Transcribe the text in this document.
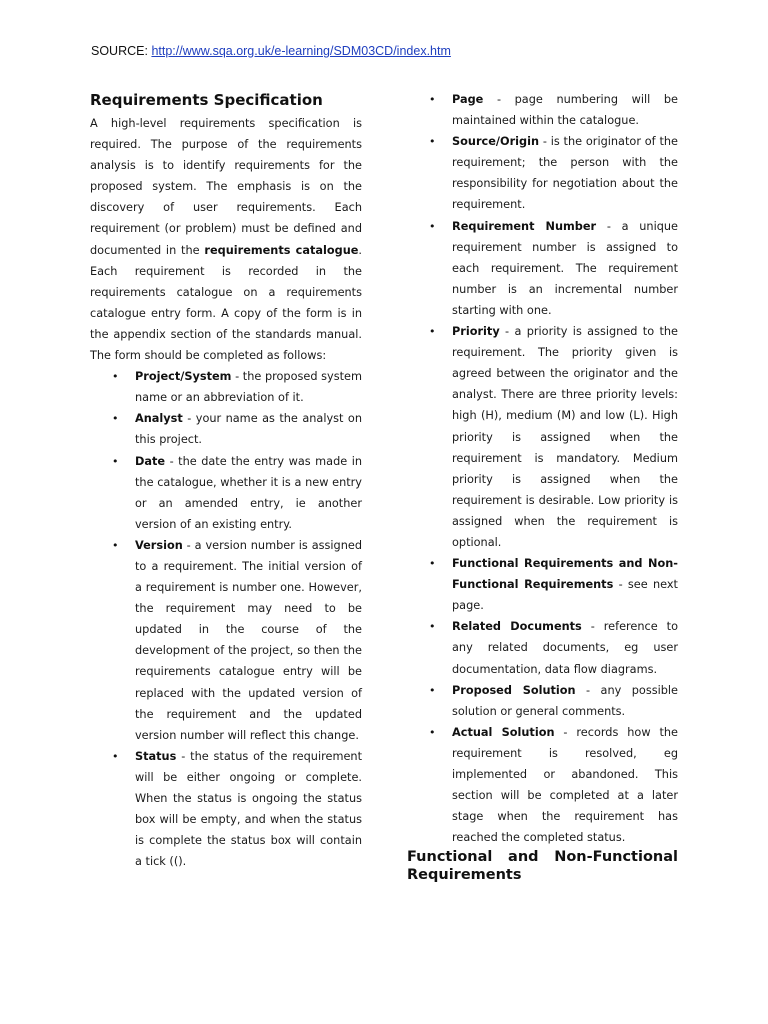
SOURCE: http://www.sqa.org.uk/e-learning/SDM03CD/index.htm
Requirements Specification

A high-level requirements specification is required. The purpose of the requirements analysis is to identify requirements for the proposed system. The emphasis is on the discovery of user requirements. Each requirement (or problem) must be defined and documented in the requirements catalogue. Each requirement is recorded in the requirements catalogue on a requirements catalogue entry form. A copy of the form is in the appendix section of the standards manual. The form should be completed as follows:

• Project/System - the proposed system name or an abbreviation of it.
• Analyst - your name as the analyst on this project.
• Date - the date the entry was made in the catalogue, whether it is a new entry or an amended entry, ie another version of an existing entry.
• Version - a version number is assigned to a requirement. The initial version of a requirement is number one. However, the requirement may need to be updated in the course of the development of the project, so then the requirements catalogue entry will be replaced with the updated version of the requirement and the updated version number will reflect this change.
• Status - the status of the requirement will be either ongoing or complete. When the status is ongoing the status box will be empty, and when the status is complete the status box will contain a tick (().
• Page - page numbering will be maintained within the catalogue.
• Source/Origin - is the originator of the requirement; the person with the responsibility for negotiation about the requirement.
• Requirement Number - a unique requirement number is assigned to each requirement. The requirement number is an incremental number starting with one.
• Priority - a priority is assigned to the requirement. The priority given is agreed between the originator and the analyst. There are three priority levels: high (H), medium (M) and low (L). High priority is assigned when the requirement is mandatory. Medium priority is assigned when the requirement is desirable. Low priority is assigned when the requirement is optional.
• Functional Requirements and Non-Functional Requirements - see next page.
• Related Documents - reference to any related documents, eg user documentation, data flow diagrams.
• Proposed Solution - any possible solution or general comments.
• Actual Solution - records how the requirement is resolved, eg implemented or abandoned. This section will be completed at a later stage when the requirement has reached the completed status.
Functional and Non-Functional Requirements
